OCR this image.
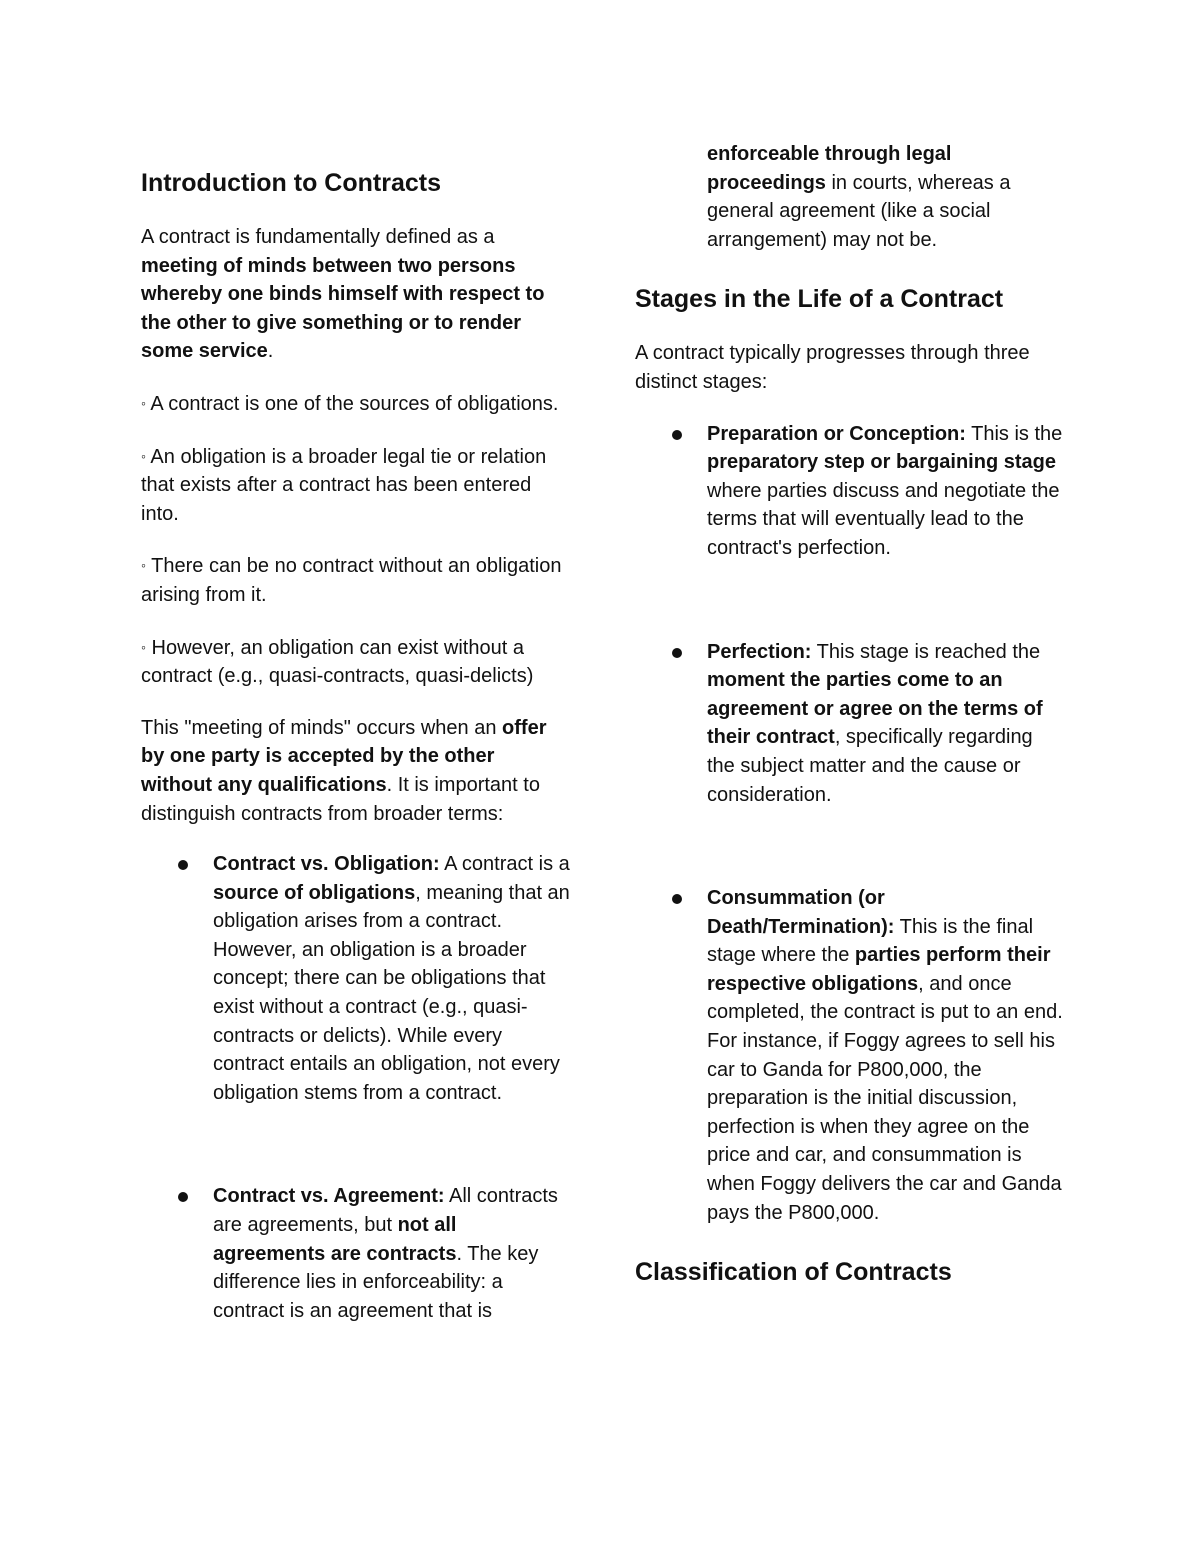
Introduction to Contracts

A contract is fundamentally defined as a meeting of minds between two persons whereby one binds himself with respect to the other to give something or to render some service.

◦ A contract is one of the sources of obligations.

◦ An obligation is a broader legal tie or relation that exists after a contract has been entered into.

◦ There can be no contract without an obligation arising from it.

◦ However, an obligation can exist without a contract (e.g., quasi-contracts, quasi-delicts)

This "meeting of minds" occurs when an offer by one party is accepted by the other without any qualifications. It is important to distinguish contracts from broader terms:

Contract vs. Obligation: A contract is a source of obligations, meaning that an obligation arises from a contract. However, an obligation is a broader concept; there can be obligations that exist without a contract (e.g., quasi-contracts or delicts). While every contract entails an obligation, not every obligation stems from a contract.
Contract vs. Agreement: All contracts are agreements, but not all agreements are contracts. The key difference lies in enforceability: a contract is an agreement that is
enforceable through legal proceedings in courts, whereas a general agreement (like a social arrangement) may not be.
Stages in the Life of a Contract

A contract typically progresses through three distinct stages:

Preparation or Conception: This is the preparatory step or bargaining stage where parties discuss and negotiate the terms that will eventually lead to the contract's perfection.
Perfection: This stage is reached the moment the parties come to an agreement or agree on the terms of their contract, specifically regarding the subject matter and the cause or consideration.
Consummation (or Death/Termination): This is the final stage where the parties perform their respective obligations, and once completed, the contract is put to an end. For instance, if Foggy agrees to sell his car to Ganda for P800,000, the preparation is the initial discussion, perfection is when they agree on the price and car, and consummation is when Foggy delivers the car and Ganda pays the P800,000.
Classification of Contracts
